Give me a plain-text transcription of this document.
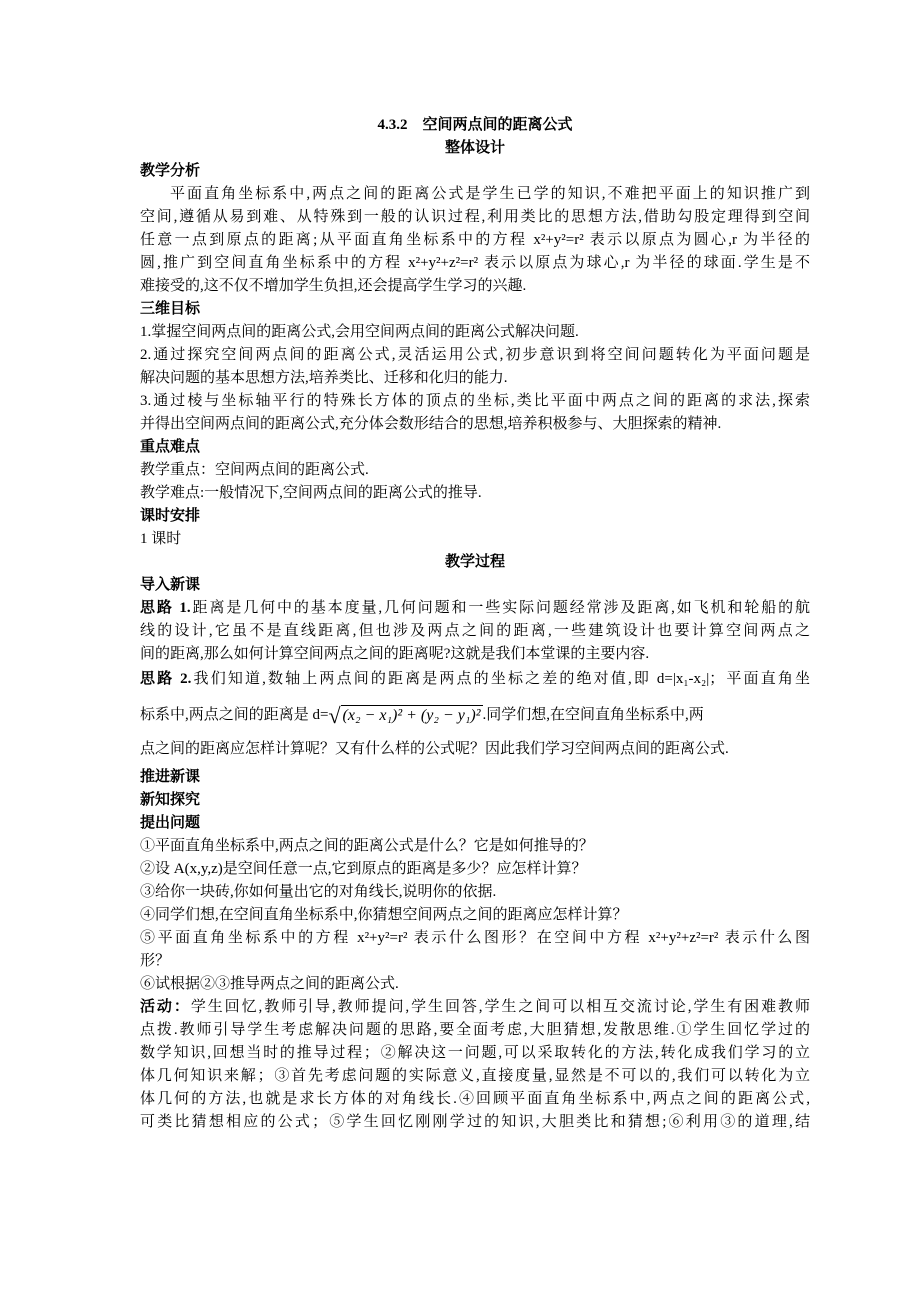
4.3.2　空间两点间的距离公式
整体设计
教学分析
平面直角坐标系中,两点之间的距离公式是学生已学的知识,不难把平面上的知识推广到
空间,遵循从易到难、从特殊到一般的认识过程,利用类比的思想方法,借助勾股定理得到空间
任意一点到原点的距离;从平面直角坐标系中的方程 x²+y²=r² 表示以原点为圆心,r 为半径的
圆,推广到空间直角坐标系中的方程 x²+y²+z²=r² 表示以原点为球心,r 为半径的球面.学生是不
难接受的,这不仅不增加学生负担,还会提高学生学习的兴趣.
三维目标
1.掌握空间两点间的距离公式,会用空间两点间的距离公式解决问题.
2.通过探究空间两点间的距离公式,灵活运用公式,初步意识到将空间问题转化为平面问题是
解决问题的基本思想方法,培养类比、迁移和化归的能力.
3.通过棱与坐标轴平行的特殊长方体的顶点的坐标,类比平面中两点之间的距离的求法,探索
并得出空间两点间的距离公式,充分体会数形结合的思想,培养积极参与、大胆探索的精神.
重点难点
教学重点：空间两点间的距离公式.
教学难点:一般情况下,空间两点间的距离公式的推导.
课时安排
1 课时
教学过程
导入新课
思路 1.距离是几何中的基本度量,几何问题和一些实际问题经常涉及距离,如飞机和轮船的航
线的设计,它虽不是直线距离,但也涉及两点之间的距离,一些建筑设计也要计算空间两点之
间的距离,那么如何计算空间两点之间的距离呢?这就是我们本堂课的主要内容.
思路 2.我们知道,数轴上两点间的距离是两点的坐标之差的绝对值,即 d=|x₁-x₂|；平面直角坐
标系中,两点之间的距离是 d= √ (x₂ − x₁)² + (y₂ − y₁)² .同学们想,在空间直角坐标系中,两
点之间的距离应怎样计算呢？又有什么样的公式呢？因此我们学习空间两点间的距离公式.
推进新课
新知探究
提出问题
①平面直角坐标系中,两点之间的距离公式是什么？它是如何推导的？
②设 A(x,y,z)是空间任意一点,它到原点的距离是多少？应怎样计算？
③给你一块砖,你如何量出它的对角线长,说明你的依据.
④同学们想,在空间直角坐标系中,你猜想空间两点之间的距离应怎样计算？
⑤平面直角坐标系中的方程 x²+y²=r² 表示什么图形？在空间中方程 x²+y²+z²=r² 表示什么图
形？
⑥试根据②③推导两点之间的距离公式.
活动：学生回忆,教师引导,教师提问,学生回答,学生之间可以相互交流讨论,学生有困难教师
点拨.教师引导学生考虑解决问题的思路,要全面考虑,大胆猜想,发散思维.①学生回忆学过的
数学知识,回想当时的推导过程；②解决这一问题,可以采取转化的方法,转化成我们学习的立
体几何知识来解；③首先考虑问题的实际意义,直接度量,显然是不可以的,我们可以转化为立
体几何的方法,也就是求长方体的对角线长.④回顾平面直角坐标系中,两点之间的距离公式,
可类比猜想相应的公式；⑤学生回忆刚刚学过的知识,大胆类比和猜想;⑥利用③的道理,结
